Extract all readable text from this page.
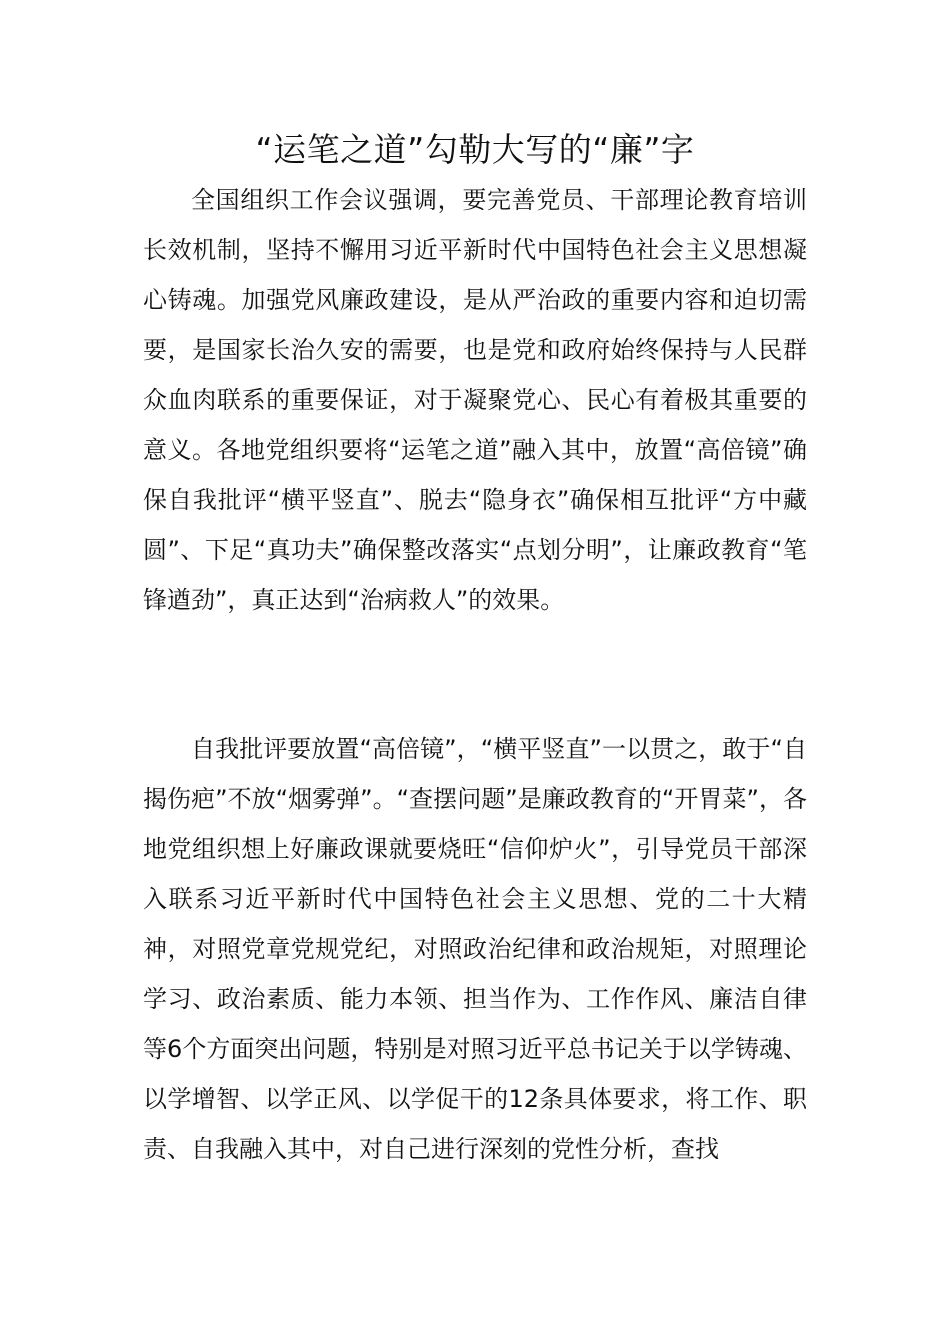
“运笔之道”勾勒大写的“廉”字

全国组织工作会议强调，要完善党员、干部理论教育培训长效机制，坚持不懈用习近平新时代中国特色社会主义思想凝心铸魂。加强党风廉政建设，是从严治政的重要内容和迫切需要，是国家长治久安的需要，也是党和政府始终保持与人民群众血肉联系的重要保证，对于凝聚党心、民心有着极其重要的意义。各地党组织要将“运笔之道”融入其中，放置“高倍镜”确保自我批评“横平竖直”、脱去“隐身衣”确保相互批评“方中藏圆”、下足“真功夫”确保整改落实“点划分明”，让廉政教育“笔锋遒劲”，真正达到“治病救人”的效果。

自我批评要放置“高倍镜”，“横平竖直”一以贯之，敢于“自揭伤疤”不放“烟雾弹”。“查摆问题”是廉政教育的“开胃菜”，各地党组织想上好廉政课就要烧旺“信仰炉火”，引导党员干部深入联系习近平新时代中国特色社会主义思想、党的二十大精神，对照党章党规党纪，对照政治纪律和政治规矩，对照理论学习、政治素质、能力本领、担当作为、工作作风、廉洁自律等6个方面突出问题，特别是对照习近平总书记关于以学铸魂、以学增智、以学正风、以学促干的12条具体要求，将工作、职责、自我融入其中，对自己进行深刻的党性分析，查找
